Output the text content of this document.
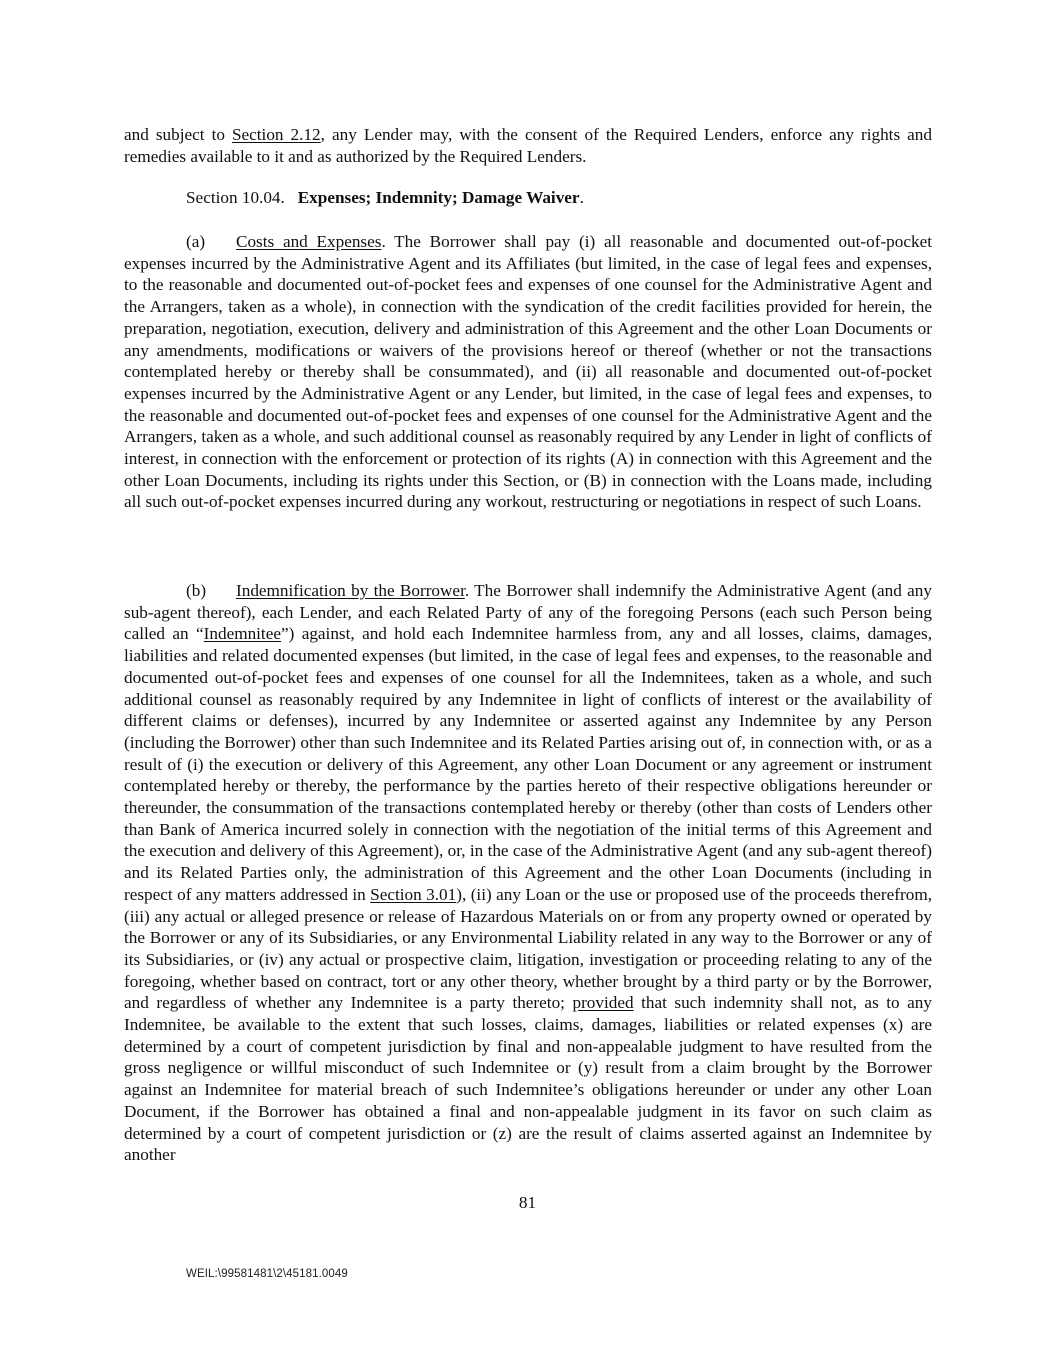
and subject to Section 2.12, any Lender may, with the consent of the Required Lenders, enforce any rights and remedies available to it and as authorized by the Required Lenders.

Section 10.04. Expenses; Indemnity; Damage Waiver.

(a) Costs and Expenses. The Borrower shall pay (i) all reasonable and documented out-of-pocket expenses incurred by the Administrative Agent and its Affiliates (but limited, in the case of legal fees and expenses, to the reasonable and documented out-of-pocket fees and expenses of one counsel for the Administrative Agent and the Arrangers, taken as a whole), in connection with the syndication of the credit facilities provided for herein, the preparation, negotiation, execution, delivery and administration of this Agreement and the other Loan Documents or any amendments, modifications or waivers of the provisions hereof or thereof (whether or not the transactions contemplated hereby or thereby shall be consummated), and (ii) all reasonable and documented out-of-pocket expenses incurred by the Administrative Agent or any Lender, but limited, in the case of legal fees and expenses, to the reasonable and documented out-of-pocket fees and expenses of one counsel for the Administrative Agent and the Arrangers, taken as a whole, and such additional counsel as reasonably required by any Lender in light of conflicts of interest, in connection with the enforcement or protection of its rights (A) in connection with this Agreement and the other Loan Documents, including its rights under this Section, or (B) in connection with the Loans made, including all such out-of-pocket expenses incurred during any workout, restructuring or negotiations in respect of such Loans.

(b) Indemnification by the Borrower. The Borrower shall indemnify the Administrative Agent (and any sub-agent thereof), each Lender, and each Related Party of any of the foregoing Persons (each such Person being called an “Indemnitee”) against, and hold each Indemnitee harmless from, any and all losses, claims, damages, liabilities and related documented expenses (but limited, in the case of legal fees and expenses, to the reasonable and documented out-of-pocket fees and expenses of one counsel for all the Indemnitees, taken as a whole, and such additional counsel as reasonably required by any Indemnitee in light of conflicts of interest or the availability of different claims or defenses), incurred by any Indemnitee or asserted against any Indemnitee by any Person (including the Borrower) other than such Indemnitee and its Related Parties arising out of, in connection with, or as a result of (i) the execution or delivery of this Agreement, any other Loan Document or any agreement or instrument contemplated hereby or thereby, the performance by the parties hereto of their respective obligations hereunder or thereunder, the consummation of the transactions contemplated hereby or thereby (other than costs of Lenders other than Bank of America incurred solely in connection with the negotiation of the initial terms of this Agreement and the execution and delivery of this Agreement), or, in the case of the Administrative Agent (and any sub-agent thereof) and its Related Parties only, the administration of this Agreement and the other Loan Documents (including in respect of any matters addressed in Section 3.01), (ii) any Loan or the use or proposed use of the proceeds therefrom, (iii) any actual or alleged presence or release of Hazardous Materials on or from any property owned or operated by the Borrower or any of its Subsidiaries, or any Environmental Liability related in any way to the Borrower or any of its Subsidiaries, or (iv) any actual or prospective claim, litigation, investigation or proceeding relating to any of the foregoing, whether based on contract, tort or any other theory, whether brought by a third party or by the Borrower, and regardless of whether any Indemnitee is a party thereto; provided that such indemnity shall not, as to any Indemnitee, be available to the extent that such losses, claims, damages, liabilities or related expenses (x) are determined by a court of competent jurisdiction by final and non-appealable judgment to have resulted from the gross negligence or willful misconduct of such Indemnitee or (y) result from a claim brought by the Borrower against an Indemnitee for material breach of such Indemnitee’s obligations hereunder or under any other Loan Document, if the Borrower has obtained a final and non-appealable judgment in its favor on such claim as determined by a court of competent jurisdiction or (z) are the result of claims asserted against an Indemnitee by another

81
WEIL:\99581481\2\45181.0049
